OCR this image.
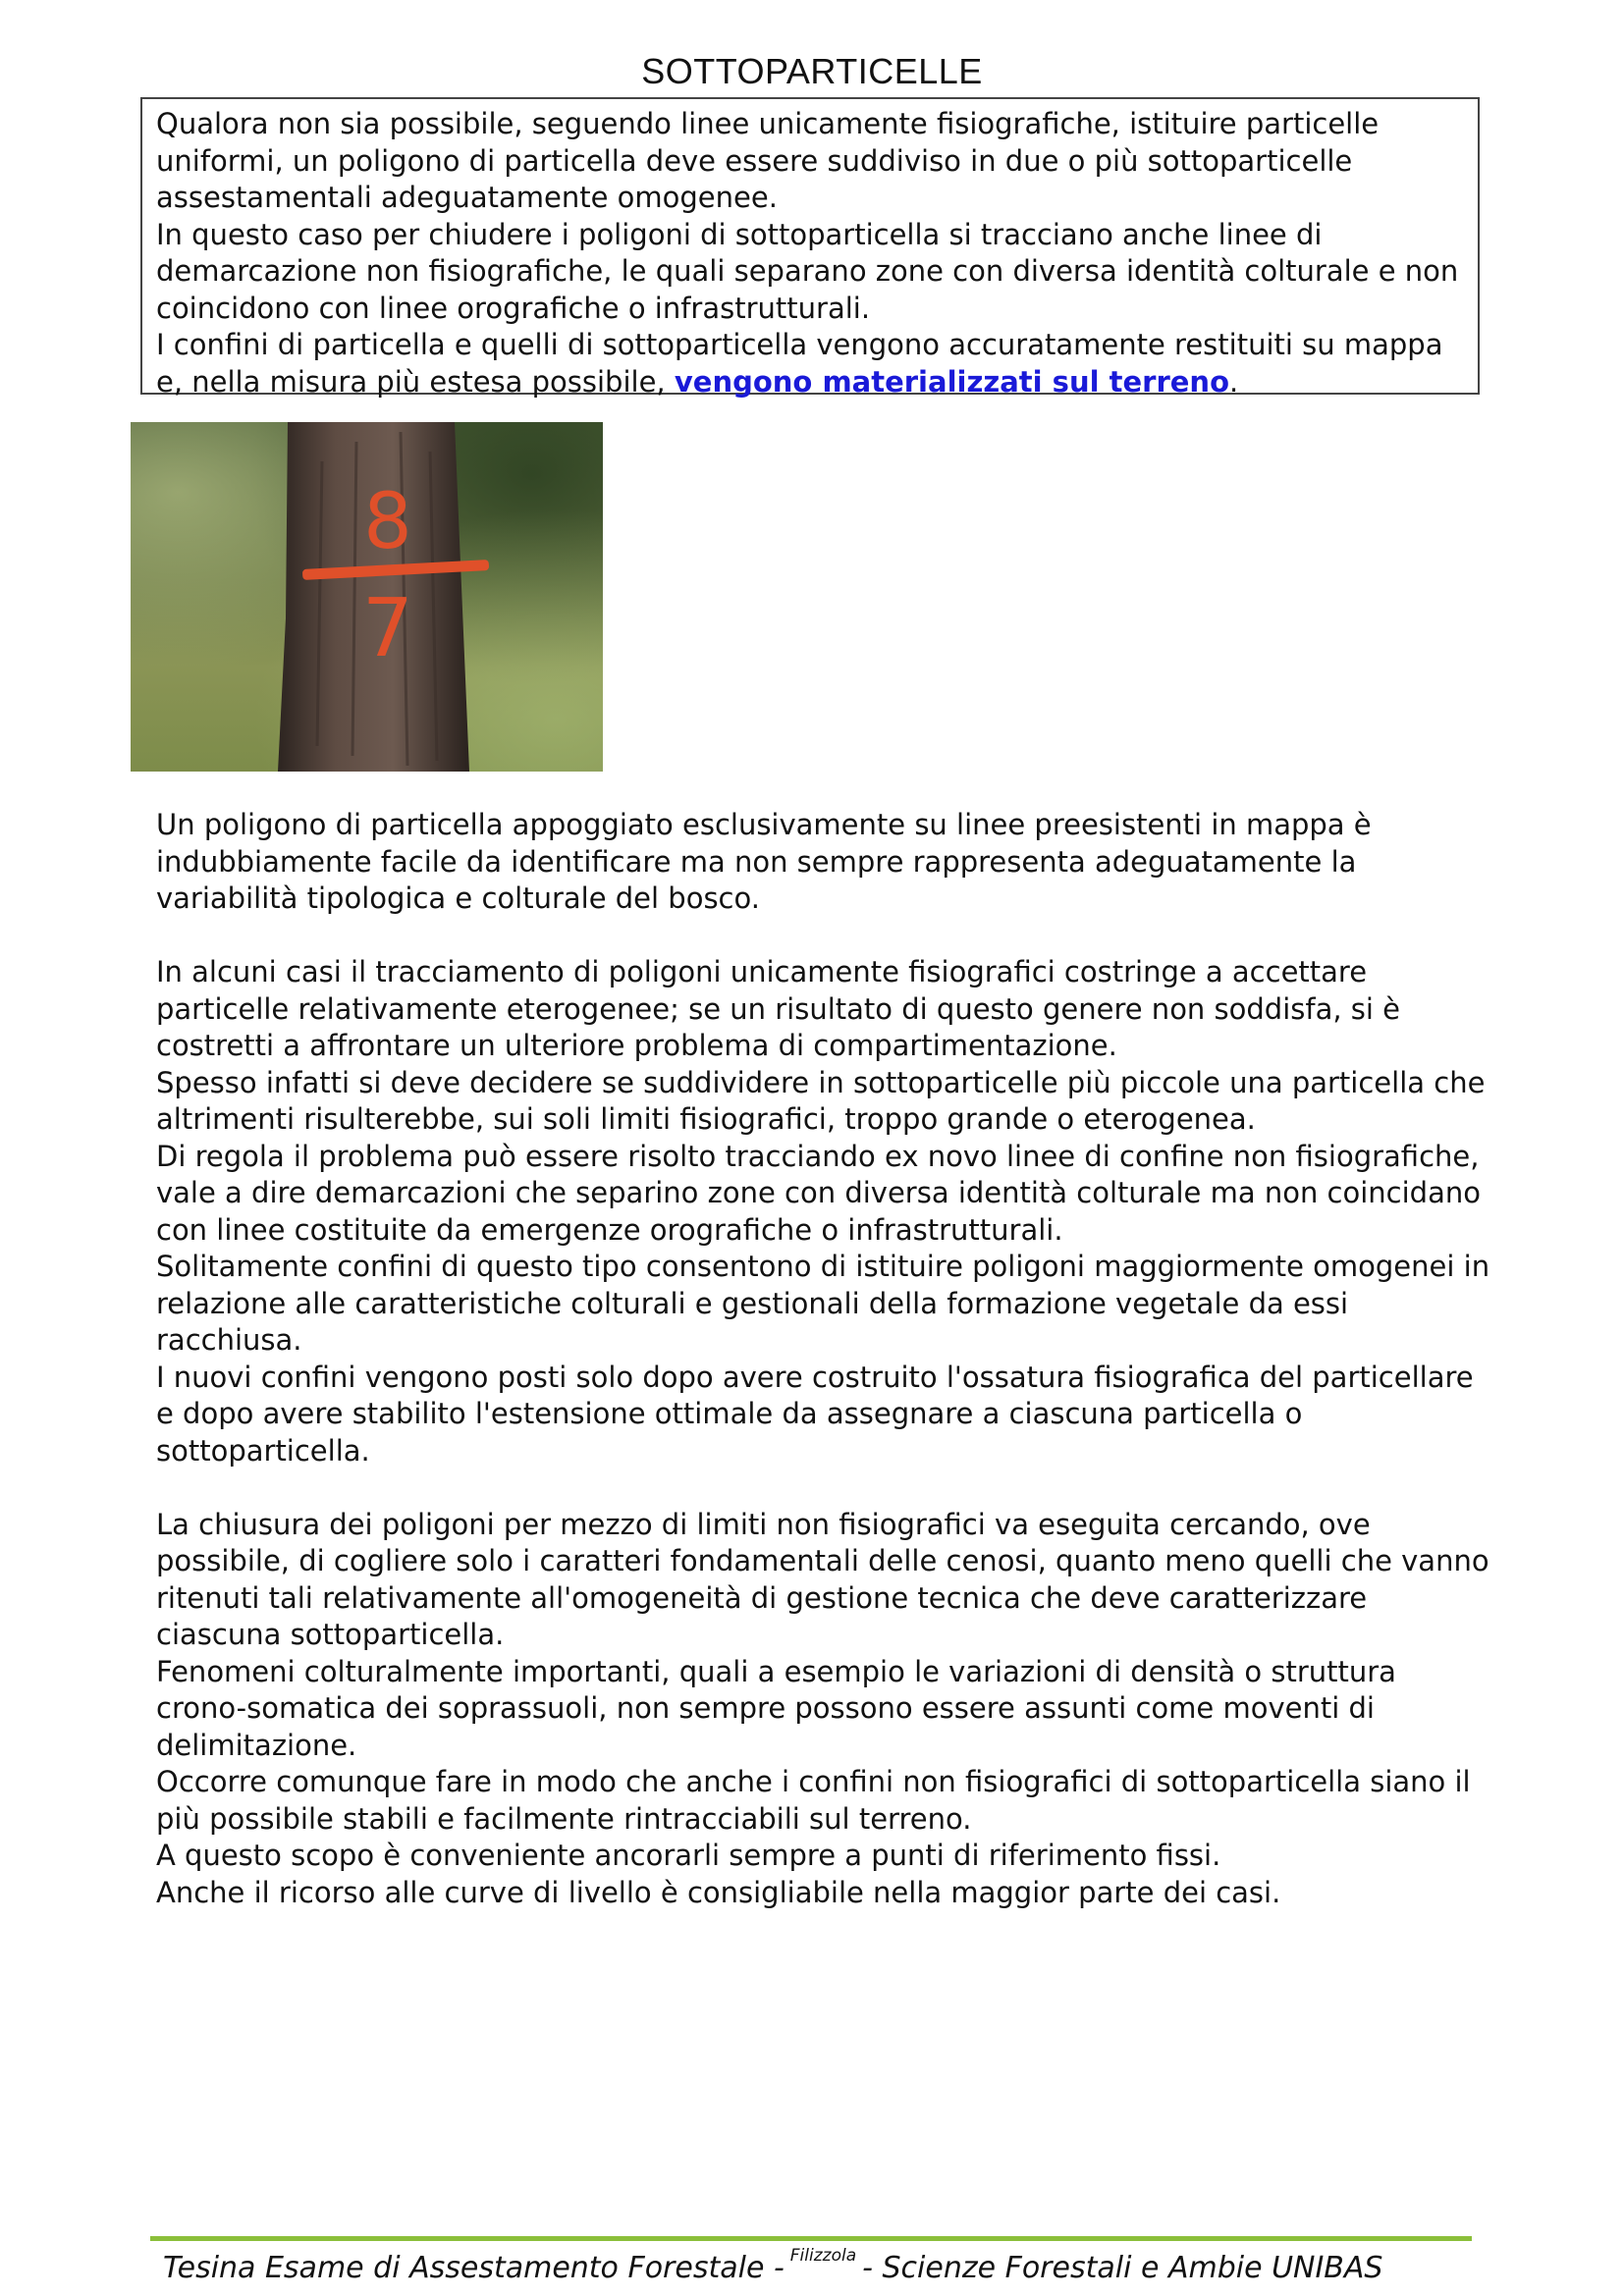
SOTTOPARTICELLE

Qualora non sia possibile, seguendo linee unicamente fisiografiche, istituire particelle uniformi, un poligono di particella deve essere suddiviso in due o più sottoparticelle assestamentali adeguatamente omogenee.

In questo caso per chiudere i poligoni di sottoparticella si tracciano anche linee di demarcazione non fisiografiche, le quali separano zone con diversa identità colturale e non coincidono con linee orografiche o infrastrutturali.

I confini di particella e quelli di sottoparticella vengono accuratamente restituiti su mappa e, nella misura più estesa possibile, vengono materializzati sul terreno.

8
7

Un poligono di particella appoggiato esclusivamente su linee preesistenti in mappa è indubbiamente facile da identificare ma non sempre rappresenta adeguatamente la variabilità tipologica e colturale del bosco.

In alcuni casi il tracciamento di poligoni unicamente fisiografici costringe a accettare particelle relativamente eterogenee; se un risultato di questo genere non soddisfa, si è costretti a affrontare un ulteriore problema di compartimentazione.

Spesso infatti si deve decidere se suddividere in sottoparticelle più piccole una particella che altrimenti risulterebbe, sui soli limiti fisiografici, troppo grande o eterogenea.

Di regola il problema può essere risolto tracciando ex novo linee di confine non fisiografiche, vale a dire demarcazioni che separino zone con diversa identità colturale ma non coincidano con linee costituite da emergenze orografiche o infrastrutturali.

Solitamente confini di questo tipo consentono di istituire poligoni maggiormente omogenei in relazione alle caratteristiche colturali e gestionali della formazione vegetale da essi racchiusa.

I nuovi confini vengono posti solo dopo avere costruito l'ossatura fisiografica del particellare e dopo avere stabilito l'estensione ottimale da assegnare a ciascuna particella o sottoparticella.

La chiusura dei poligoni per mezzo di limiti non fisiografici va eseguita cercando, ove possibile, di cogliere solo i caratteri fondamentali delle cenosi, quanto meno quelli che vanno ritenuti tali relativamente all'omogeneità di gestione tecnica che deve caratterizzare ciascuna sottoparticella.

Fenomeni colturalmente importanti, quali a esempio le variazioni di densità o struttura crono-somatica dei soprassuoli, non sempre possono essere assunti come moventi di delimitazione.

Occorre comunque fare in modo che anche i confini non fisiografici di sottoparticella siano il più possibile stabili e facilmente rintracciabili sul terreno.

A questo scopo è conveniente ancorarli sempre a punti di riferimento fissi.

Anche il ricorso alle curve di livello è consigliabile nella maggior parte dei casi.

Tesina Esame di Assestamento Forestale - $^{Filizzola}$ - Scienze Forestali e Ambie UNIBAS
